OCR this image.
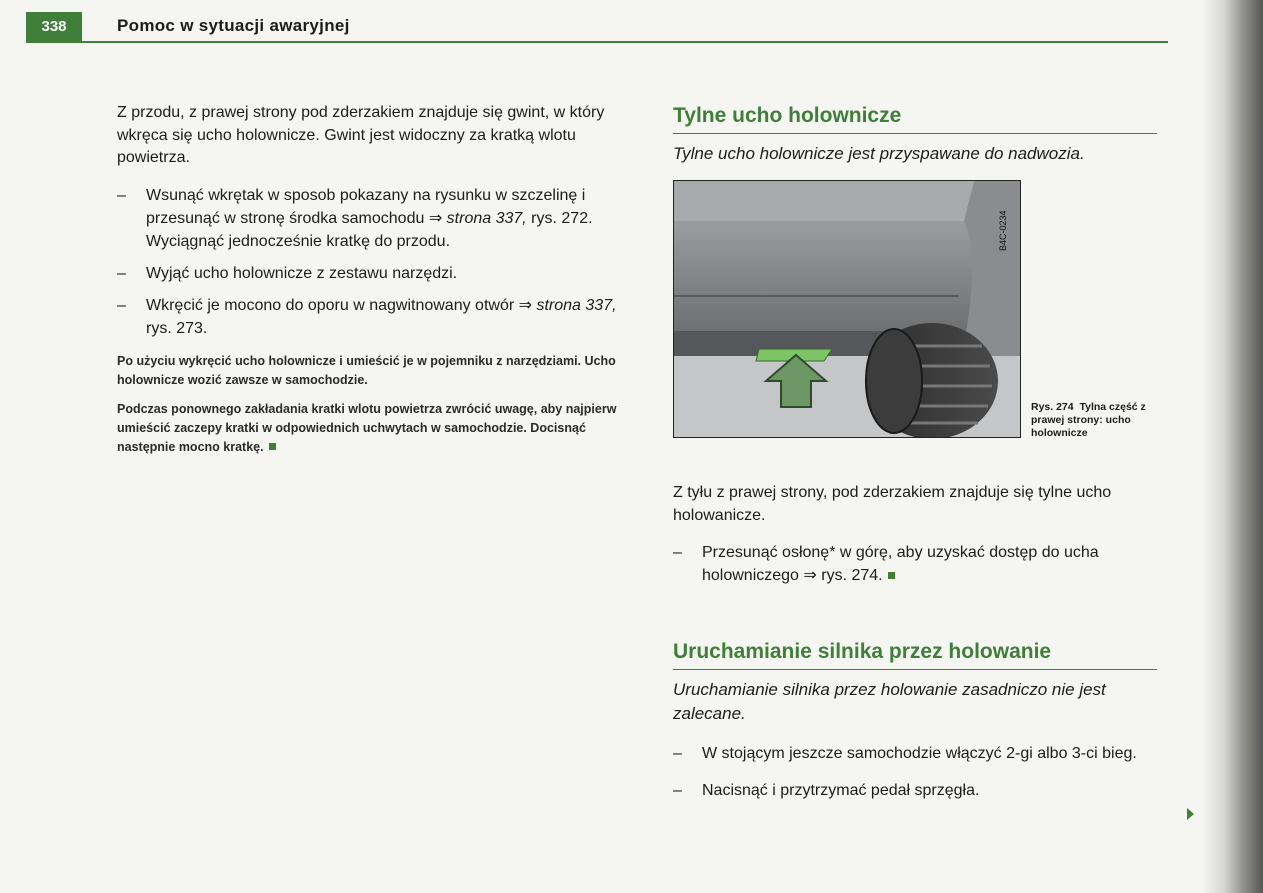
338	Pomoc w sytuacji awaryjnej

Z przodu, z prawej strony pod zderzakiem znajduje się gwint, w który wkręca się ucho holownicze. Gwint jest widoczny za kratką wlotu powietrza.

– Wsunąć wkrętak w sposob pokazany na rysunku w szczelinę i przesunąć w stronę środka samochodu ⇒ strona 337, rys. 272. Wyciągnąć jednocześnie kratkę do przodu.
– Wyjąć ucho holownicze z zestawu narzędzi.
– Wkręcić je mocono do oporu w nagwitnowany otwór ⇒ strona 337, rys. 273.

Po użyciu wykręcić ucho holownicze i umieścić je w pojemniku z narzędziami. Ucho holownicze wozić zawsze w samochodzie.

Podczas ponownego zakładania kratki wlotu powietrza zwrócić uwagę, aby najpierw umieścić zaczepy kratki w odpowiednich uchwytach w samochodzie. Docisnąć następnie mocno kratkę.

Tylne ucho holownicze

Tylne ucho holownicze jest przyspawane do nadwozia.

B4C-0234
Rys. 274 Tylna część z prawej strony: ucho holownicze

Z tyłu z prawej strony, pod zderzakiem znajduje się tylne ucho holowanicze.

– Przesunąć osłonę* w górę, aby uzyskać dostęp do ucha holowniczego ⇒ rys. 274.
Uruchamianie silnika przez holowanie

Uruchamianie silnika przez holowanie zasadniczo nie jest zalecane.

– W stojącym jeszcze samochodzie włączyć 2-gi albo 3-ci bieg.
– Nacisnąć i przytrzymać pedał sprzęgła.
